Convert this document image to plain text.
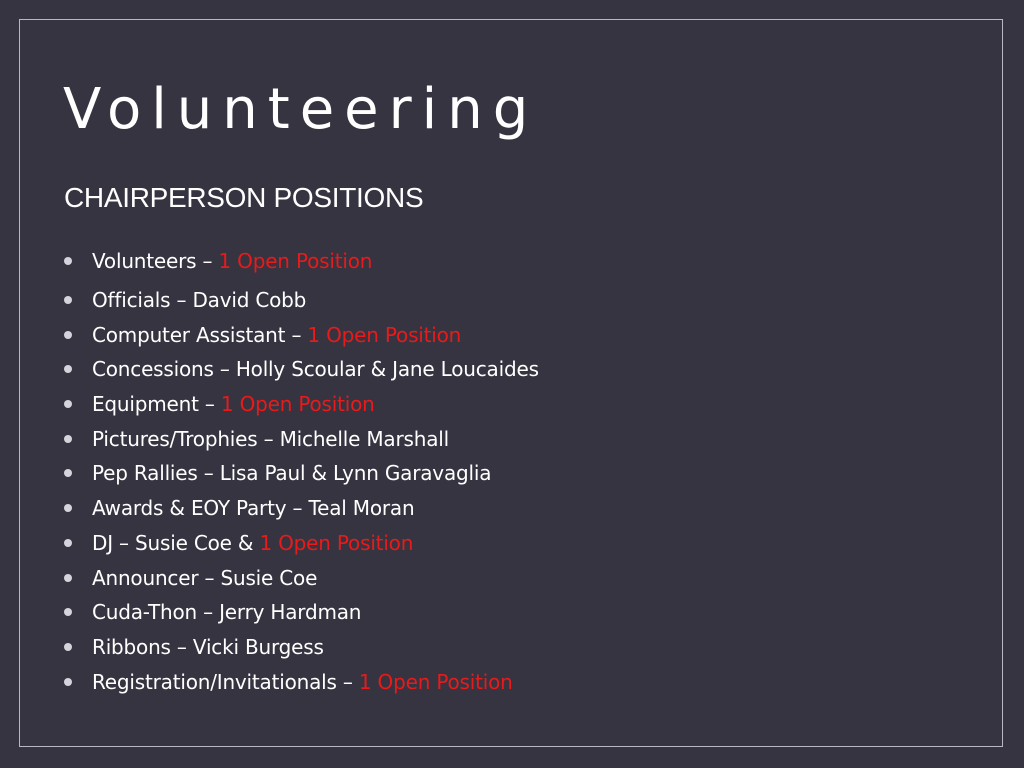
Volunteering
CHAIRPERSON POSITIONS
Volunteers – 1 Open Position
Officials – David Cobb
Computer Assistant – 1 Open Position
Concessions – Holly Scoular & Jane Loucaides
Equipment – 1 Open Position
Pictures/Trophies – Michelle Marshall
Pep Rallies – Lisa Paul & Lynn Garavaglia
Awards & EOY Party – Teal Moran
DJ – Susie Coe & 1 Open Position
Announcer – Susie Coe
Cuda-Thon – Jerry Hardman
Ribbons – Vicki Burgess
Registration/Invitationals – 1 Open Position
